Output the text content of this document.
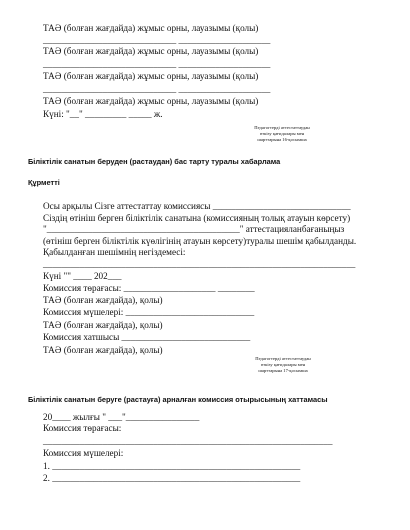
ТАӘ (болған жағдайда) жұмыс орны, лауазымы (қолы)
_____________________________ ____________________
ТАӘ (болған жағдайда) жұмыс орны, лауазымы (қолы)
_____________________________ ____________________
ТАӘ (болған жағдайда) жұмыс орны, лауазымы (қолы)
_____________________________ ____________________
ТАӘ (болған жағдайда) жұмыс орны, лауазымы (қолы)
Күні: "__" _________ _____ ж.
Педагогтерді аттестаттаудан
өткізу қағидалары мен
шарттарына 16-қосымша
Біліктілік санатын беруден (растаудан) бас тарту туралы хабарлама
Құрметті
Осы арқылы Сізге аттестаттау комиссиясы ______________________________
Сіздің өтініш берген біліктілік санатына (комиссияның толық атауын көрсету)
"__________________________________________" аттестацияланбағаныңыз
(өтініш берген біліктілік күөлігінің атауын көрсету)туралы шешім қабылданды.
Қабылданған шешімнің негіздемесі:
____________________________________________________________________
Күні "" ____ 202___
Комиссия төрағасы: ____________________ ________
ТАӘ (болған жағдайда), қолы)
Комиссия мүшелері: ____________________________
ТАӘ (болған жағдайда), қолы)
Комиссия хатшысы ____________________________
ТАӘ (болған жағдайда), қолы)
Педагогтерді аттестаттаудан
өткізу қағидалары мен
шарттарына 17-қосымша
Біліктілік санатын беруге (растауға) арналған комиссия отырысының хаттамасы
20____ жылғы " ___"________________
Комиссия төрағасы:
_______________________________________________________________
Комиссия мүшелері:
1. ______________________________________________________
2. ______________________________________________________
